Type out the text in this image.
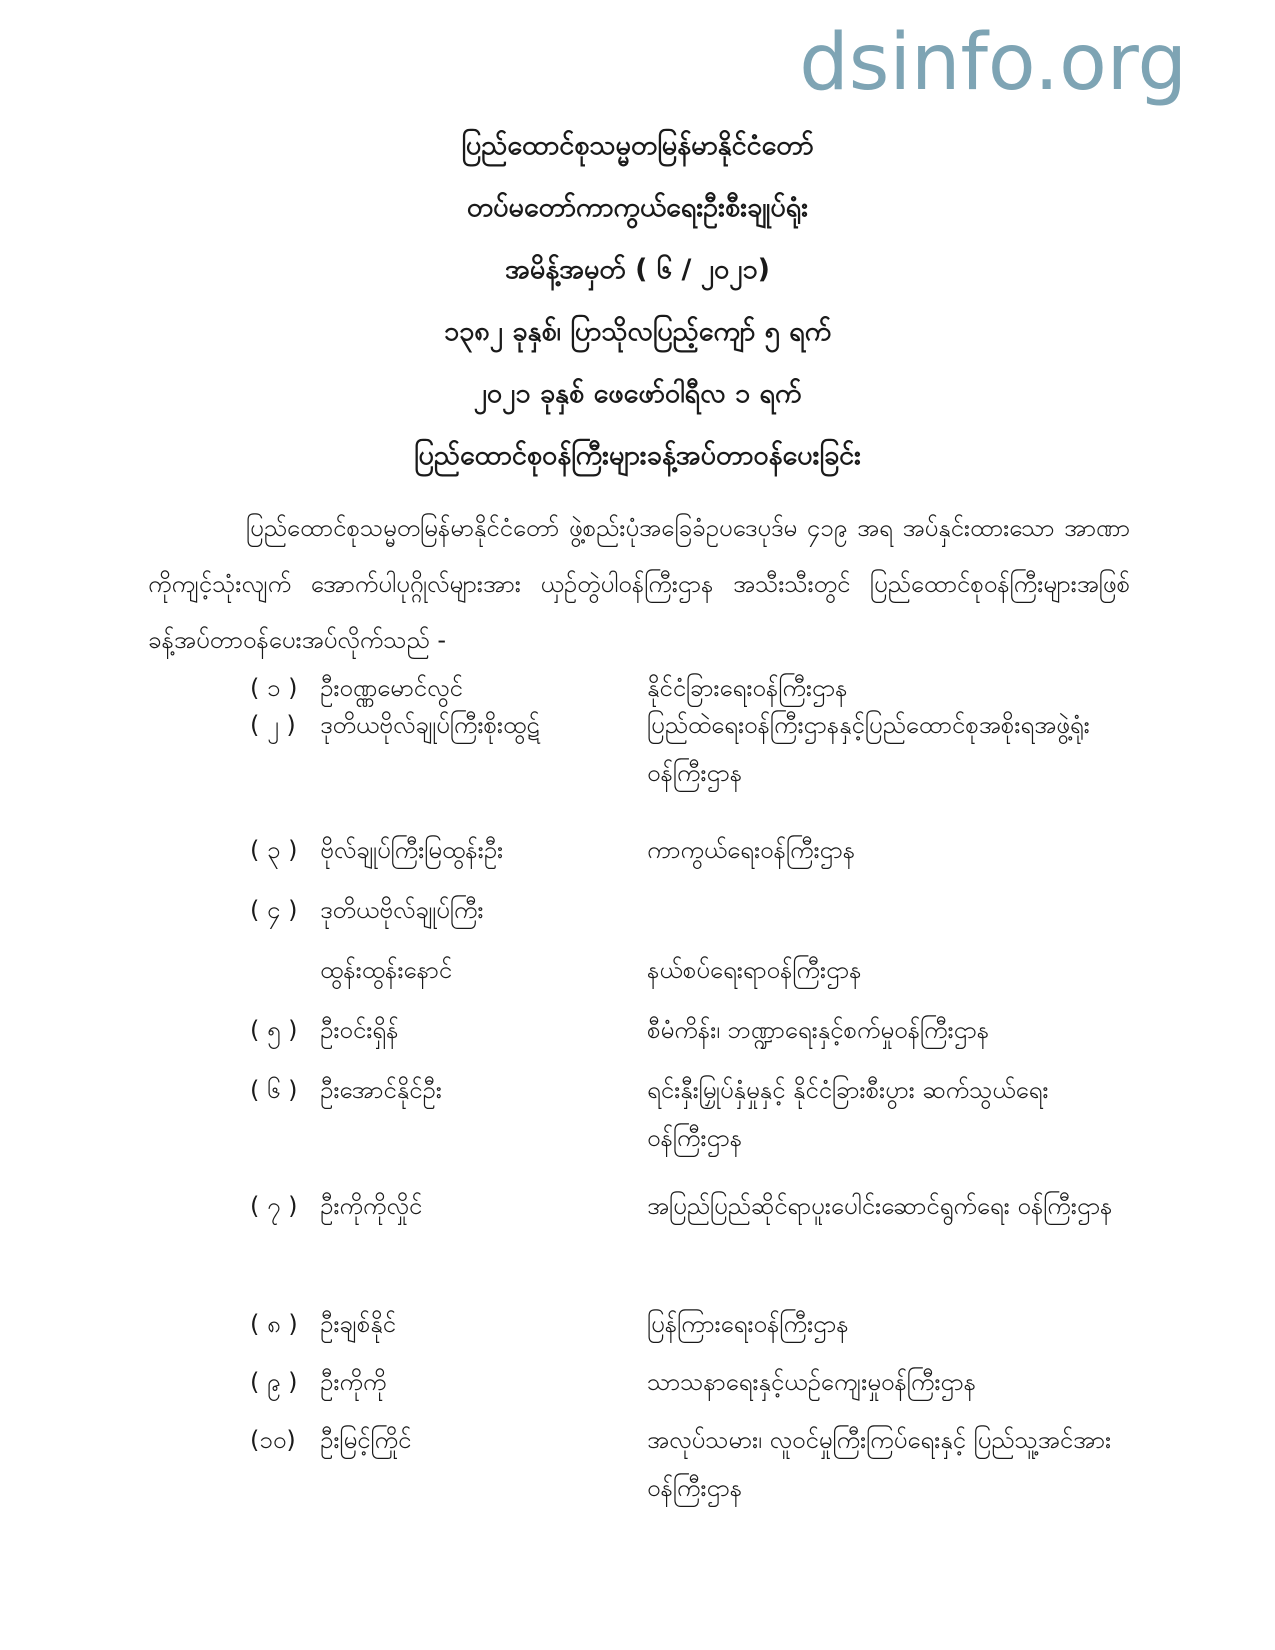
dsinfo.org
ပြည်ထောင်စုသမ္မတမြန်မာနိုင်ငံတော်
တပ်မတော်ကာကွယ်ရေးဦးစီးချုပ်ရုံး
အမိန့်အမှတ် ( ၆ / ၂၀၂၁)
၁၃၈၂ ခုနှစ်၊ ပြာသိုလပြည့်ကျော် ၅ ရက်
၂၀၂၁ ခုနှစ် ဖေဖော်ဝါရီလ ၁ ရက်
ပြည်ထောင်စုဝန်ကြီးများခန့်အပ်တာဝန်ပေးခြင်း
ပြည်ထောင်စုသမ္မတမြန်မာနိုင်ငံတော် ဖွဲ့စည်းပုံအခြေခံဥပဒေပုဒ်မ ၄၁၉ အရ အပ်နှင်းထားသော အာဏာကိုကျင့်သုံးလျက် အောက်ပါပုဂ္ဂိုလ်များအား ယှဉ်တွဲပါဝန်ကြီးဌာန အသီးသီးတွင် ပြည်ထောင်စုဝန်ကြီးများအဖြစ် ခန့်အပ်တာဝန်ပေးအပ်လိုက်သည် -
( ၁ ) ဦးဝဏ္ဏမောင်လွင်	နိုင်ငံခြားရေးဝန်ကြီးဌာန
( ၂ )	ဒုတိယဗိုလ်ချုပ်ကြီးစိုးထွဋ်	ပြည်ထဲရေးဝန်ကြီးဌာနနှင့်ပြည်ထောင်စုအစိုးရအဖွဲ့ရုံးဝန်ကြီးဌာန
( ၃ ) ဗိုလ်ချုပ်ကြီးမြထွန်းဦး	ကာကွယ်ရေးဝန်ကြီးဌာန
( ၄ ) ဒုတိယဗိုလ်ချုပ်ကြီး
ထွန်းထွန်းနောင်	နယ်စပ်ရေးရာဝန်ကြီးဌာန
( ၅ ) ဦးဝင်းရှိန်	စီမံကိန်း၊ ဘဏ္ဍာရေးနှင့်စက်မှုဝန်ကြီးဌာန
( ၆ ) ဦးအောင်နိုင်ဦး	ရင်းနှီးမြှုပ်နှံမှုနှင့် နိုင်ငံခြားစီးပွား ဆက်သွယ်ရေးဝန်ကြီးဌာန
( ၇ ) ဦးကိုကိုလှိုင်	အပြည်ပြည်ဆိုင်ရာပူးပေါင်းဆောင်ရွက်ရေး ဝန်ကြီးဌာန
( ၈ ) ဦးချစ်နိုင်	ပြန်ကြားရေးဝန်ကြီးဌာန
( ၉ ) ဦးကိုကို	သာသနာရေးနှင့်ယဉ်ကျေးမှုဝန်ကြီးဌာန
(၁၀)	ဦးမြင့်ကြိုင်	အလုပ်သမား၊ လူဝင်မှုကြီးကြပ်ရေးနှင့် ပြည်သူ့အင်အားဝန်ကြီးဌာန
